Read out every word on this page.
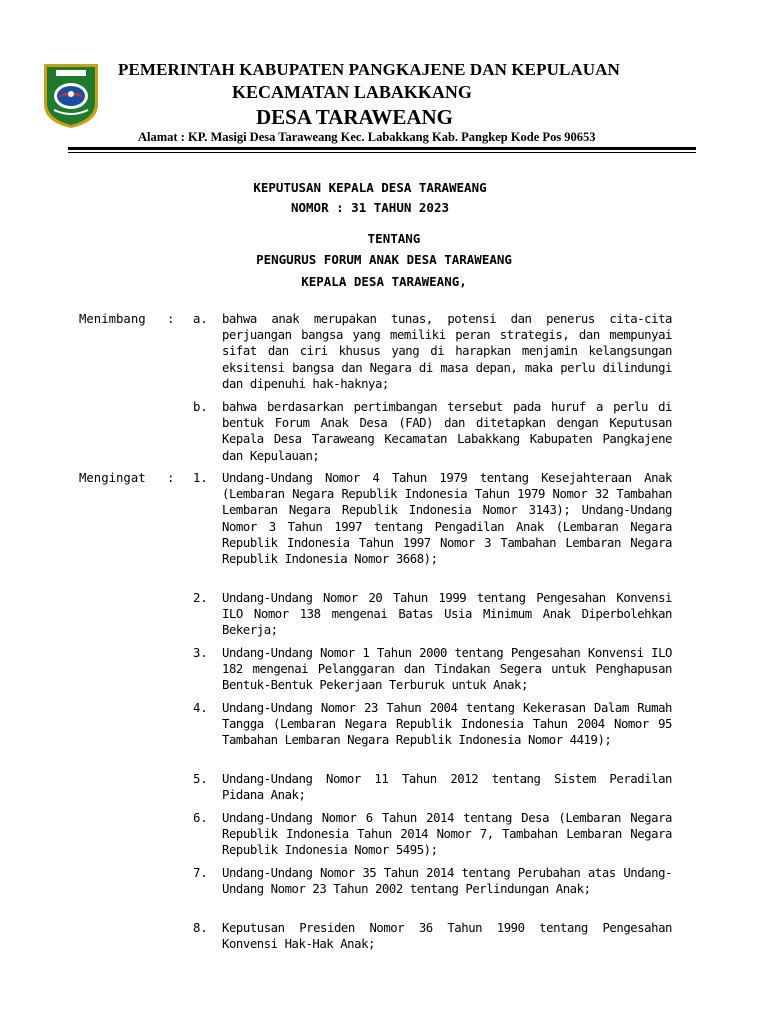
PEMERINTAH KABUPATEN PANGKAJENE DAN KEPULAUAN
KECAMATAN LABAKKANG
DESA TARAWEANG
Alamat : KP. Masigi Desa Taraweang Kec. Labakkang Kab. Pangkep Kode Pos 90653
KEPUTUSAN KEPALA DESA TARAWEANG
NOMOR : 31 TAHUN 2023
TENTANG
PENGURUS FORUM ANAK DESA TARAWEANG
KEPALA DESA TARAWEANG,
Menimbang	: a.	bahwa anak merupakan tunas, potensi dan penerus cita-cita perjuangan bangsa yang memiliki peran strategis, dan mempunyai sifat dan ciri khusus yang di harapkan menjamin kelangsungan eksitensi bangsa dan Negara di masa depan, maka perlu dilindungi dan dipenuhi hak-haknya;
b.	bahwa berdasarkan pertimbangan tersebut pada huruf a perlu di bentuk Forum Anak Desa (FAD) dan ditetapkan dengan Keputusan Kepala Desa Taraweang Kecamatan Labakkang Kabupaten Pangkajene dan Kepulauan;
Mengingat	: 1.	Undang-Undang Nomor 4 Tahun 1979 tentang Kesejahteraan Anak (Lembaran Negara Republik Indonesia Tahun 1979 Nomor 32 Tambahan Lembaran Negara Republik Indonesia Nomor 3143); Undang-Undang Nomor 3 Tahun 1997 tentang Pengadilan Anak (Lembaran Negara Republik Indonesia Tahun 1997 Nomor 3 Tambahan Lembaran Negara Republik Indonesia Nomor 3668);
2.	Undang-Undang Nomor 20 Tahun 1999 tentang Pengesahan Konvensi ILO Nomor 138 mengenai Batas Usia Minimum Anak Diperbolehkan Bekerja;
3.	Undang-Undang Nomor 1 Tahun 2000 tentang Pengesahan Konvensi ILO 182 mengenai Pelanggaran dan Tindakan Segera untuk Penghapusan Bentuk-Bentuk Pekerjaan Terburuk untuk Anak;
4.	Undang-Undang Nomor 23 Tahun 2004 tentang Kekerasan Dalam Rumah Tangga (Lembaran Negara Republik Indonesia Tahun 2004 Nomor 95 Tambahan Lembaran Negara Republik Indonesia Nomor 4419);
5.	Undang-Undang Nomor 11 Tahun 2012 tentang Sistem Peradilan Pidana Anak;
6.	Undang-Undang Nomor 6 Tahun 2014 tentang Desa (Lembaran Negara Republik Indonesia Tahun 2014 Nomor 7, Tambahan Lembaran Negara Republik Indonesia Nomor 5495);
7.	Undang-Undang Nomor 35 Tahun 2014 tentang Perubahan atas Undang-Undang Nomor 23 Tahun 2002 tentang Perlindungan Anak;
8.	Keputusan Presiden Nomor 36 Tahun 1990 tentang Pengesahan Konvensi Hak-Hak Anak;
